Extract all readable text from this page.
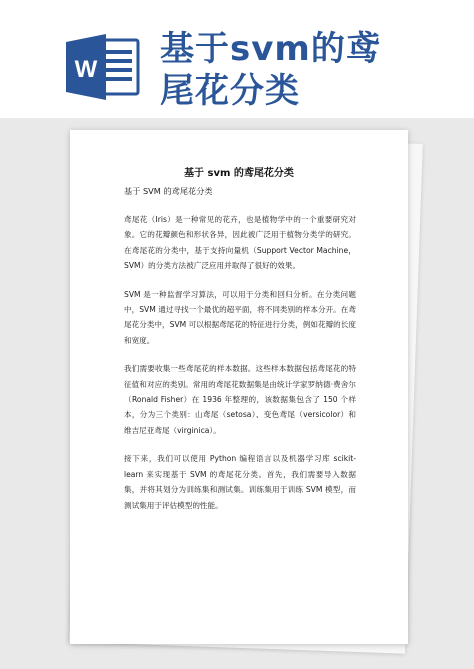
W
基于svm的鸢
尾花分类
基于 svm 的鸢尾花分类
基于 SVM 的鸢尾花分类

鸢尾花（Iris）是一种常见的花卉，也是植物学中的一个重要研究对象。它的花瓣颜色和形状各异，因此被广泛用于植物分类学的研究。在鸢尾花的分类中，基于支持向量机（Support Vector Machine，SVM）的分类方法被广泛应用并取得了很好的效果。

SVM 是一种监督学习算法，可以用于分类和回归分析。在分类问题中，SVM 通过寻找一个最优的超平面，将不同类别的样本分开。在鸢尾花分类中，SVM 可以根据鸢尾花的特征进行分类，例如花瓣的长度和宽度。

我们需要收集一些鸢尾花的样本数据。这些样本数据包括鸢尾花的特征值和对应的类别。常用的鸢尾花数据集是由统计学家罗纳德·费舍尔（Ronald Fisher）在 1936 年整理的，该数据集包含了 150 个样本，分为三个类别：山鸢尾（setosa）、变色鸢尾（versicolor）和维吉尼亚鸢尾（virginica）。

接下来，我们可以使用 Python 编程语言以及机器学习库 scikit-learn 来实现基于 SVM 的鸢尾花分类。首先，我们需要导入数据集，并将其划分为训练集和测试集。训练集用于训练 SVM 模型，而测试集用于评估模型的性能。
